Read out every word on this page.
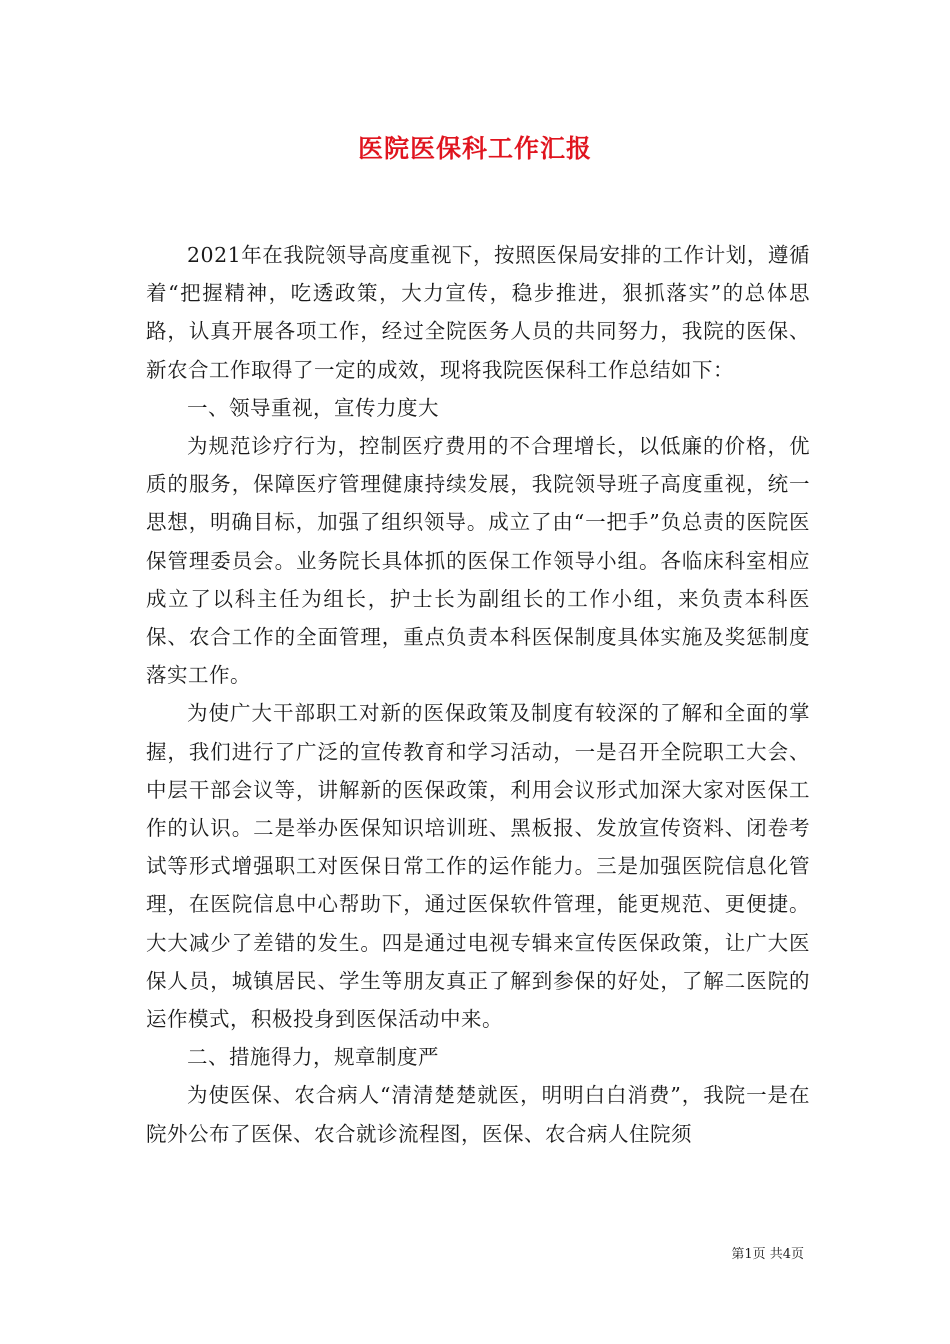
医院医保科工作汇报

2021年在我院领导高度重视下，按照医保局安排的工作计划，遵循着“把握精神，吃透政策，大力宣传，稳步推进，狠抓落实”的总体思路，认真开展各项工作，经过全院医务人员的共同努力，我院的医保、新农合工作取得了一定的成效，现将我院医保科工作总结如下：

一、领导重视，宣传力度大

为规范诊疗行为，控制医疗费用的不合理增长，以低廉的价格，优质的服务，保障医疗管理健康持续发展，我院领导班子高度重视，统一思想，明确目标，加强了组织领导。成立了由“一把手”负总责的医院医保管理委员会。业务院长具体抓的医保工作领导小组。各临床科室相应成立了以科主任为组长，护士长为副组长的工作小组，来负责本科医保、农合工作的全面管理，重点负责本科医保制度具体实施及奖惩制度落实工作。

为使广大干部职工对新的医保政策及制度有较深的了解和全面的掌握，我们进行了广泛的宣传教育和学习活动，一是召开全院职工大会、中层干部会议等，讲解新的医保政策，利用会议形式加深大家对医保工作的认识。二是举办医保知识培训班、黑板报、发放宣传资料、闭卷考试等形式增强职工对医保日常工作的运作能力。三是加强医院信息化管理，在医院信息中心帮助下，通过医保软件管理，能更规范、更便捷。大大减少了差错的发生。四是通过电视专辑来宣传医保政策，让广大医保人员，城镇居民、学生等朋友真正了解到参保的好处，了解二医院的运作模式，积极投身到医保活动中来。

二、措施得力，规章制度严

为使医保、农合病人“清清楚楚就医，明明白白消费”，我院一是在院外公布了医保、农合就诊流程图，医保、农合病人住院须

第1页 共4页
